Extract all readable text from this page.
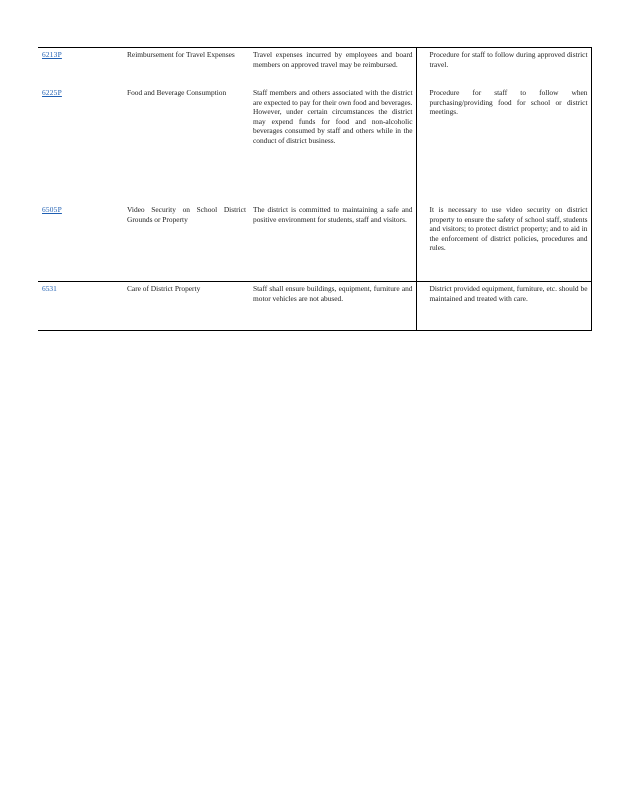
6213P	Reimbursement for Travel Expenses	Travel expenses incurred by employees and board members on approved travel may be reimbursed.	Procedure for staff to follow during approved district travel.

6225P	Food and Beverage Consumption	Staff members and others associated with the district are expected to pay for their own food and beverages. However, under certain circumstances the district may expend funds for food and non-alcoholic beverages consumed by staff and others while in the conduct of district business.	Procedure for staff to follow when purchasing/providing food for school or district meetings.

6505P	Video Security on School District Grounds or Property	The district is committed to maintaining a safe and positive environment for students, staff and visitors.	It is necessary to use video security on district property to ensure the safety of school staff, students and visitors; to protect district property; and to aid in the enforcement of district policies, procedures and rules.

6531	Care of District Property	Staff shall ensure buildings, equipment, furniture and motor vehicles are not abused.	District provided equipment, furniture, etc. should be maintained and treated with care.
